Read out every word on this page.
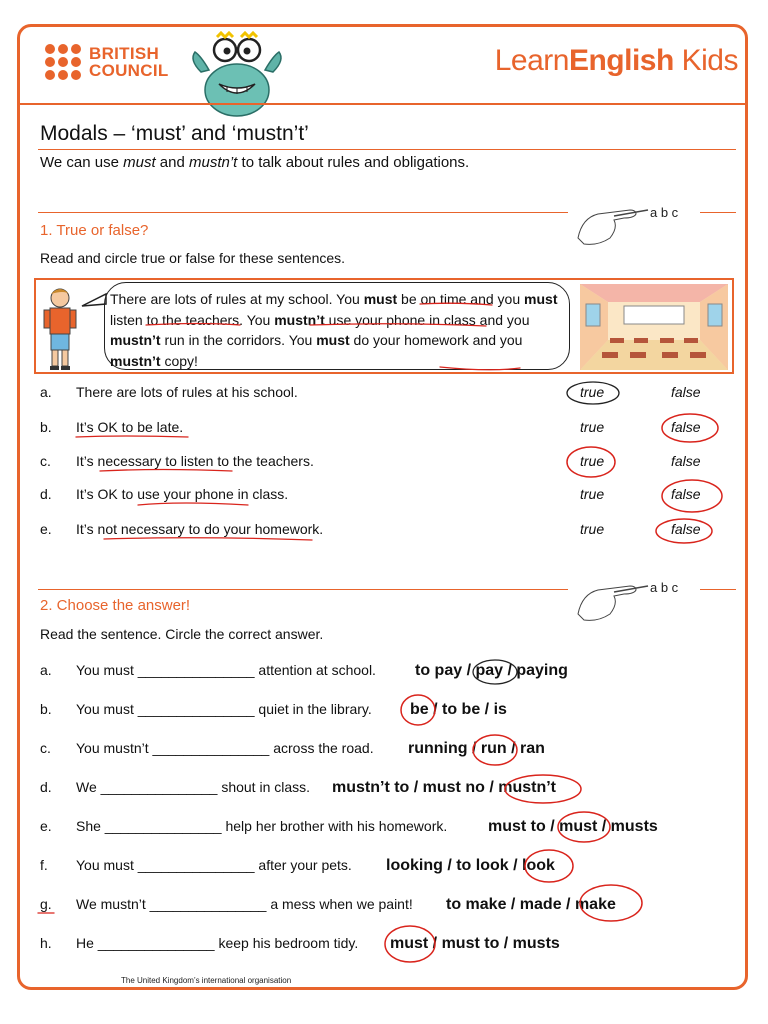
BRITISH
COUNCIL	LearnEnglish Kids
Modals – ‘must’ and ‘mustn’t’
We can use must and mustn’t to talk about rules and obligations.
1. True or false?
a b c
Read and circle true or false for these sentences.
There are lots of rules at my school. You must be on time and you must listen to the teachers. You mustn’t use your phone in class and you mustn’t run in the corridors. You must do your homework and you mustn’t copy!
a. There are lots of rules at his school.	true	false
b. It’s OK to be late.	true	false
c. It’s necessary to listen to the teachers.	true	false
d. It’s OK to use your phone in class.	true	false
e. It’s not necessary to do your homework.	true	false
2. Choose the answer!
a b c
Read the sentence. Circle the correct answer.
a. You must _______________ attention at school. to pay / pay / paying
b. You must _______________ quiet in the library. be / to be / is
c. You mustn’t _______________ across the road. running / run / ran
d. We _______________ shout in class. mustn’t to / must no / mustn’t
e. She _______________ help her brother with his homework.	must to / must / musts
f. You must _______________ after your pets. looking / to look / look
g. We mustn’t _______________ a mess when we paint! to make / made / make
h. He _______________ keep his bedroom tidy. must / must to / musts
The United Kingdom’s international organisation
